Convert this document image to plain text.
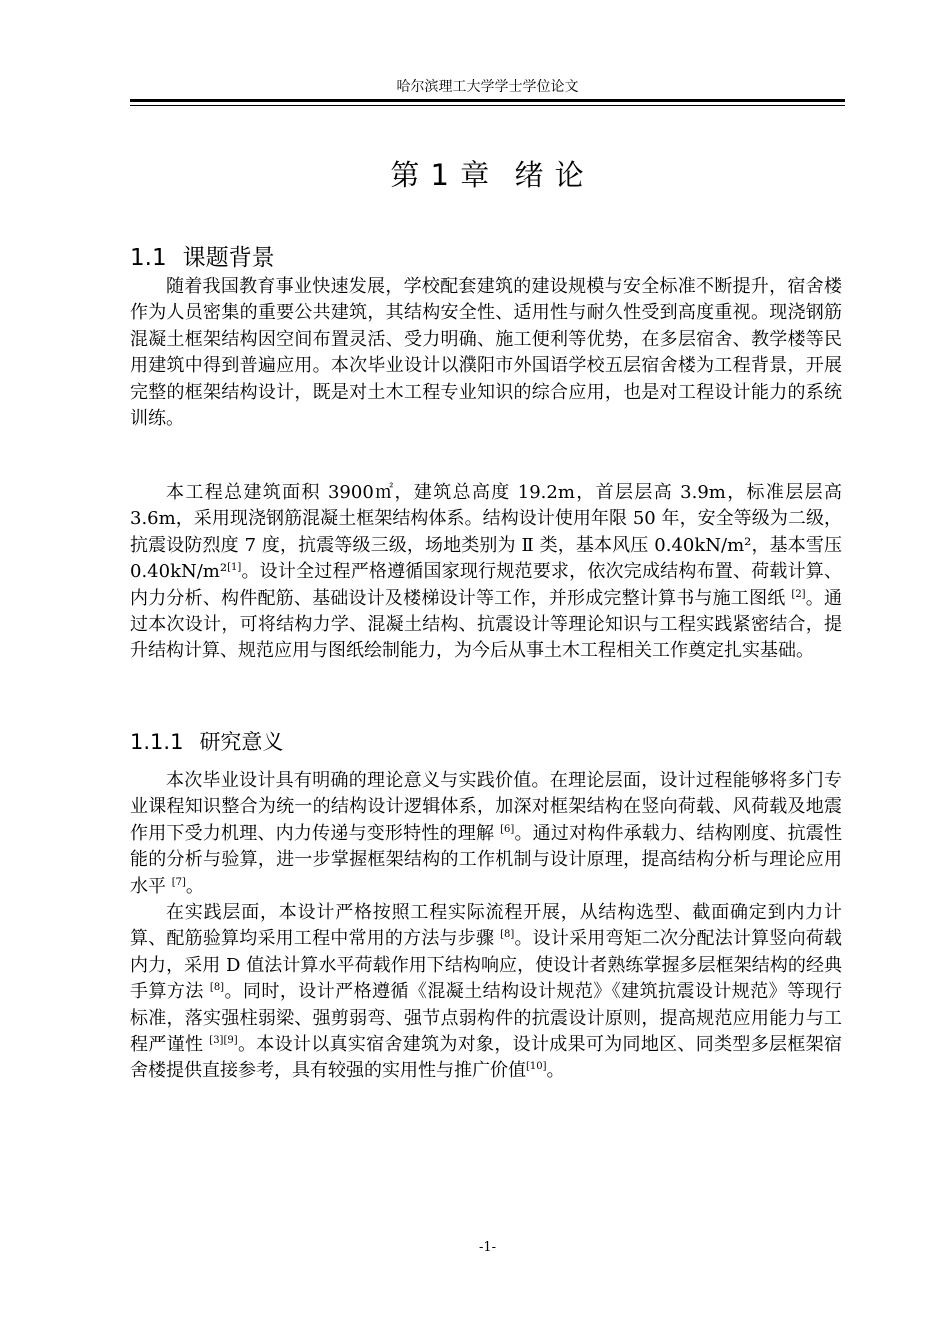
哈尔滨理工大学学士学位论文
第 1 章 绪 论
1.1 课题背景

随着我国教育事业快速发展，学校配套建筑的建设规模与安全标准不断提升，宿舍楼作为人员密集的重要公共建筑，其结构安全性、适用性与耐久性受到高度重视。现浇钢筋混凝土框架结构因空间布置灵活、受力明确、施工便利等优势，在多层宿舍、教学楼等民用建筑中得到普遍应用。本次毕业设计以濮阳市外国语学校五层宿舍楼为工程背景，开展完整的框架结构设计，既是对土木工程专业知识的综合应用，也是对工程设计能力的系统训练。

本工程总建筑面积 3900㎡，建筑总高度 19.2m，首层层高 3.9m，标准层层高 3.6m，采用现浇钢筋混凝土框架结构体系。结构设计使用年限 50 年，安全等级为二级，抗震设防烈度 7 度，抗震等级三级，场地类别为 Ⅱ 类，基本风压 0.40kN/m²，基本雪压 0.40kN/m²[1]。设计全过程严格遵循国家现行规范要求，依次完成结构布置、荷载计算、内力分析、构件配筋、基础设计及楼梯设计等工作，并形成完整计算书与施工图纸 [2]。通过本次设计，可将结构力学、混凝土结构、抗震设计等理论知识与工程实践紧密结合，提升结构计算、规范应用与图纸绘制能力，为今后从事土木工程相关工作奠定扎实基础。

1.1.1 研究意义

本次毕业设计具有明确的理论意义与实践价值。在理论层面，设计过程能够将多门专业课程知识整合为统一的结构设计逻辑体系，加深对框架结构在竖向荷载、风荷载及地震作用下受力机理、内力传递与变形特性的理解 [6]。通过对构件承载力、结构刚度、抗震性能的分析与验算，进一步掌握框架结构的工作机制与设计原理，提高结构分析与理论应用水平 [7]。

在实践层面，本设计严格按照工程实际流程开展，从结构选型、截面确定到内力计算、配筋验算均采用工程中常用的方法与步骤 [8]。设计采用弯矩二次分配法计算竖向荷载内力，采用 D 值法计算水平荷载作用下结构响应，使设计者熟练掌握多层框架结构的经典手算方法 [8]。同时，设计严格遵循《混凝土结构设计规范》《建筑抗震设计规范》等现行标准，落实强柱弱梁、强剪弱弯、强节点弱构件的抗震设计原则，提高规范应用能力与工程严谨性 [3][9]。本设计以真实宿舍建筑为对象，设计成果可为同地区、同类型多层框架宿舍楼提供直接参考，具有较强的实用性与推广价值[10]。

-1-
